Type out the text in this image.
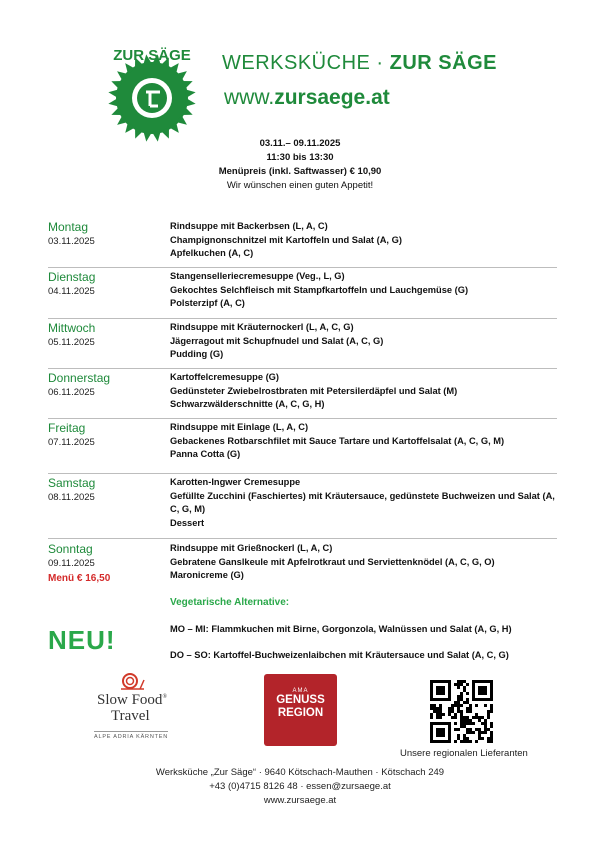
ZUR SÄGE WERKSKÜCHE · ZUR SÄGE
www.zursaege.at
03.11.– 09.11.2025
11:30 bis 13:30
Menüpreis (inkl. Saftwasser) € 10,90
Wir wünschen einen guten Appetit!
Montag
03.11.2025
Rindsuppe mit Backerbsen (L, A, C)
Champignonschnitzel mit Kartoffeln und Salat (A, G)
Apfelkuchen (A, C)
Dienstag
04.11.2025
Stangenselleriecremesuppe (Veg., L, G)
Gekochtes Selchfleisch mit Stampfkartoffeln und Lauchgemüse (G)
Polsterzipf (A, C)
Mittwoch
05.11.2025
Rindsuppe mit Kräuternockerl (L, A, C, G)
Jägerragout mit Schupfnudel und Salat (A, C, G)
Pudding (G)
Donnerstag
06.11.2025
Kartoffelcremesuppe (G)
Gedünsteter Zwiebelrostbraten mit Petersilerdäpfel und Salat (M)
Schwarzwälderschnitte (A, C, G, H)
Freitag
07.11.2025
Rindsuppe mit Einlage (L, A, C)
Gebackenes Rotbarschfilet mit Sauce Tartare und Kartoffelsalat (A, C, G, M)
Panna Cotta (G)
Samstag
08.11.2025
Karotten-Ingwer Cremesuppe
Gefüllte Zucchini (Faschiertes) mit Kräutersauce, gedünstete Buchweizen und Salat (A, C, G, M)
Dessert
Sonntag
09.11.2025
Menü € 16,50
Rindsuppe mit Grießnockerl (L, A, C)
Gebratene Ganslkeule mit Apfelrotkraut und Serviettenknödel (A, C, G, O)
Maronicreme (G)
Vegetarische Alternative:
MO – MI: Flammkuchen mit Birne, Gorgonzola, Walnüssen und Salat (A, G, H)
DO – SO: Kartoffel-Buchweizenlaibchen mit Kräutersauce und Salat (A, C, G)
NEU!
Slow Food®
Travel
ALPE ADRIA KÄRNTEN
AMA
GENUSS
REGION
Unsere regionalen Lieferanten
Werksküche „Zur Säge“ · 9640 Kötschach-Mauthen · Kötschach 249
+43 (0)4715 8126 48 · essen@zursaege.at
www.zursaege.at
